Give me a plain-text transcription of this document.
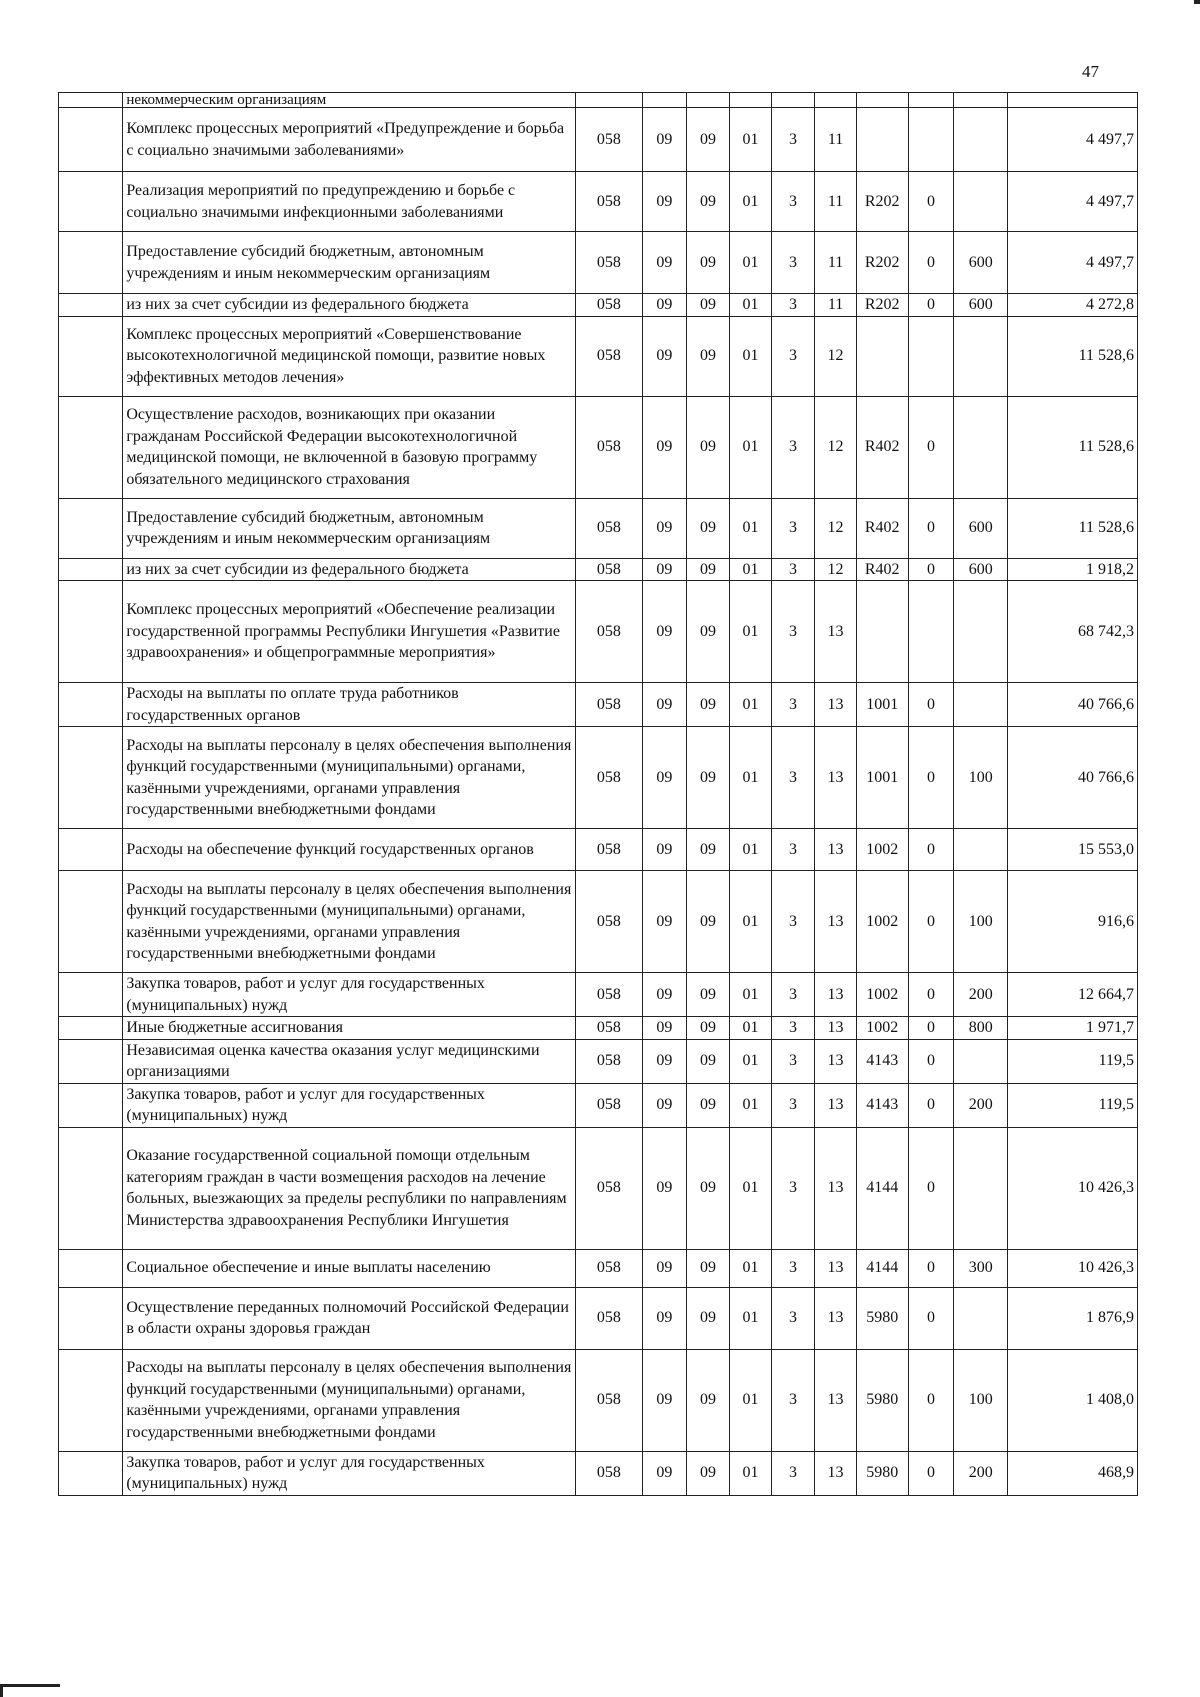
47
	некоммерческим организациям										
	Комплекс процессных мероприятий «Предупреждение и борьба с социально значимыми заболеваниями»	058	09	09	01	3	11				4 497,7
	Реализация мероприятий по предупреждению и борьбе с социально значимыми инфекционными заболеваниями	058	09	09	01	3	11	R202	0		4 497,7
	Предоставление субсидий бюджетным, автономным учреждениям и иным некоммерческим организациям	058	09	09	01	3	11	R202	0	600	4 497,7
	из них за счет субсидии из федерального бюджета	058	09	09	01	3	11	R202	0	600	4 272,8
	Комплекс процессных мероприятий «Совершенствование высокотехнологичной медицинской помощи, развитие новых эффективных методов лечения»	058	09	09	01	3	12				11 528,6
	Осуществление расходов, возникающих при оказании гражданам Российской Федерации высокотехнологичной медицинской помощи, не включенной в базовую программу обязательного медицинского страхования	058	09	09	01	3	12	R402	0		11 528,6
	Предоставление субсидий бюджетным, автономным учреждениям и иным некоммерческим организациям	058	09	09	01	3	12	R402	0	600	11 528,6
	из них за счет субсидии из федерального бюджета	058	09	09	01	3	12	R402	0	600	1 918,2
	Комплекс процессных мероприятий «Обеспечение реализации государственной программы Республики Ингушетия «Развитие здравоохранения» и общепрограммные мероприятия»	058	09	09	01	3	13				68 742,3
	Расходы на выплаты по оплате труда работников государственных органов	058	09	09	01	3	13	1001	0		40 766,6
	Расходы на выплаты персоналу в целях обеспечения выполнения функций государственными (муниципальными) органами, казёнными учреждениями, органами управления государственными внебюджетными фондами	058	09	09	01	3	13	1001	0	100	40 766,6
	Расходы на обеспечение функций государственных органов	058	09	09	01	3	13	1002	0		15 553,0
	Расходы на выплаты персоналу в целях обеспечения выполнения функций государственными (муниципальными) органами, казёнными учреждениями, органами управления государственными внебюджетными фондами	058	09	09	01	3	13	1002	0	100	916,6
	Закупка товаров, работ и услуг для государственных (муниципальных) нужд	058	09	09	01	3	13	1002	0	200	12 664,7
	Иные бюджетные ассигнования	058	09	09	01	3	13	1002	0	800	1 971,7
	Независимая оценка качества оказания услуг медицинскими организациями	058	09	09	01	3	13	4143	0		119,5
	Закупка товаров, работ и услуг для государственных (муниципальных) нужд	058	09	09	01	3	13	4143	0	200	119,5
	Оказание государственной социальной помощи отдельным категориям граждан в части возмещения расходов на лечение больных, выезжающих за пределы республики по направлениям Министерства здравоохранения Республики Ингушетия	058	09	09	01	3	13	4144	0		10 426,3
	Социальное обеспечение и иные выплаты населению	058	09	09	01	3	13	4144	0	300	10 426,3
	Осуществление переданных полномочий Российской Федерации в области охраны здоровья граждан	058	09	09	01	3	13	5980	0		1 876,9
	Расходы на выплаты персоналу в целях обеспечения выполнения функций государственными (муниципальными) органами, казёнными учреждениями, органами управления государственными внебюджетными фондами	058	09	09	01	3	13	5980	0	100	1 408,0
	Закупка товаров, работ и услуг для государственных (муниципальных) нужд	058	09	09	01	3	13	5980	0	200	468,9
